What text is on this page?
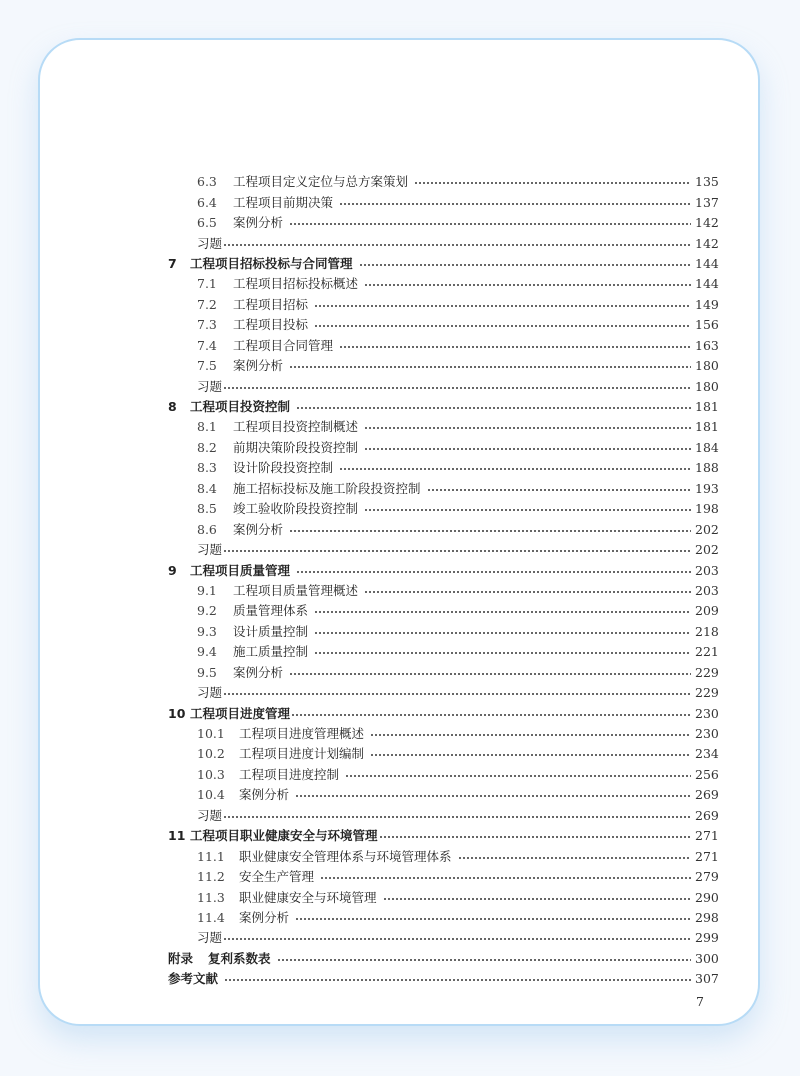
6.3	工程项目定义定位与总方案策划	135
6.4	工程项目前期决策	137
6.5	案例分析	142
习题	142
7	工程项目招标投标与合同管理	144
7.1	工程项目招标投标概述	144
7.2	工程项目招标	149
7.3	工程项目投标	156
7.4	工程项目合同管理	163
7.5	案例分析	180
习题	180
8	工程项目投资控制	181
8.1	工程项目投资控制概述	181
8.2	前期决策阶段投资控制	184
8.3	设计阶段投资控制	188
8.4	施工招标投标及施工阶段投资控制	193
8.5	竣工验收阶段投资控制	198
8.6	案例分析	202
习题	202
9	工程项目质量管理	203
9.1	工程项目质量管理概述	203
9.2	质量管理体系	209
9.3	设计质量控制	218
9.4	施工质量控制	221
9.5	案例分析	229
习题	229
10 工程项目进度管理	230
10.1	工程项目进度管理概述	230
10.2	工程项目进度计划编制	234
10.3	工程项目进度控制	256
10.4	案例分析	269
习题	269
11 工程项目职业健康安全与环境管理	271
11.1	职业健康安全管理体系与环境管理体系	271
11.2	安全生产管理	279
11.3	职业健康安全与环境管理	290
11.4	案例分析	298
习题	299
附录	复利系数表	300
参考文献	307
7
